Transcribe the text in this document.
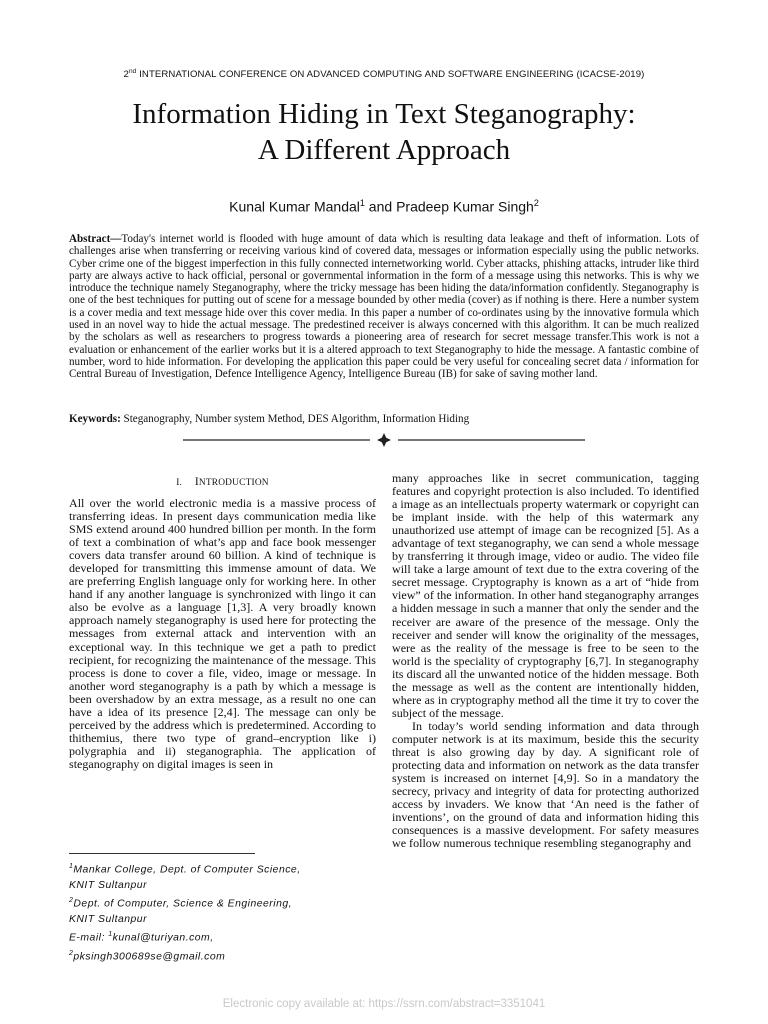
2nd INTERNATIONAL CONFERENCE ON ADVANCED COMPUTING AND SOFTWARE ENGINEERING (ICACSE-2019)
Information Hiding in Text Steganography:
A Different Approach
Kunal Kumar Mandal$^1$ and Pradeep Kumar Singh$^2$
Abstract—Today's internet world is flooded with huge amount of data which is resulting data leakage and theft of information. Lots of challenges arise when transferring or receiving various kind of covered data, messages or information especially using the public networks. Cyber crime one of the biggest imperfection in this fully connected internetworking world. Cyber attacks, phishing attacks, intruder like third party are always active to hack official, personal or governmental information in the form of a message using this networks. This is why we introduce the technique namely Steganography, where the tricky message has been hiding the data/information confidently. Steganography is one of the best techniques for putting out of scene for a message bounded by other media (cover) as if nothing is there. Here a number system is a cover media and text message hide over this cover media. In this paper a number of co-ordinates using by the innovative formula which used in an novel way to hide the actual message. The predestined receiver is always concerned with this algorithm. It can be much realized by the scholars as well as researchers to progress towards a pioneering area of research for secret message transfer.This work is not a evaluation or enhancement of the earlier works but it is a altered approach to text Steganography to hide the message. A fantastic combine of number, word to hide information. For developing the application this paper could be very useful for concealing secret data / information for Central Bureau of Investigation, Defence Intelligence Agency, Intelligence Bureau (IB) for sake of saving mother land.
Keywords: Steganography, Number system Method, DES Algorithm, Information Hiding
I. INTRODUCTION

All over the world electronic media is a massive process of transferring ideas. In present days communication media like SMS extend around 400 hundred billion per month. In the form of text a combination of what’s app and face book messenger covers data transfer around 60 billion. A kind of technique is developed for transmitting this immense amount of data. We are preferring English language only for working here. In other hand if any another language is synchronized with lingo it can also be evolve as a language [1,3]. A very broadly known approach namely steganography is used here for protecting the messages from external attack and intervention with an exceptional way. In this technique we get a path to predict recipient, for recognizing the maintenance of the message. This process is done to cover a file, video, image or message. In another word steganography is a path by which a message is been overshadow by an extra message, as a result no one can have a idea of its presence [2,4]. The message can only be perceived by the address which is predetermined. According to thithemius, there two type of grand–encryption like i) polygraphia and ii) steganographia. The application of steganography on digital images is seen in

many approaches like in secret communication, tagging features and copyright protection is also included. To identified a image as an intellectuals property watermark or copyright can be implant inside. with the help of this watermark any unauthorized use attempt of image can be recognized [5]. As a advantage of text steganography, we can send a whole message by transferring it through image, video or audio. The video file will take a large amount of text due to the extra covering of the secret message. Cryptography is known as a art of “hide from view” of the information. In other hand steganography arranges a hidden message in such a manner that only the sender and the receiver are aware of the presence of the message. Only the receiver and sender will know the originality of the messages, were as the reality of the message is free to be seen to the world is the speciality of cryptography [6,7]. In steganography its discard all the unwanted notice of the hidden message. Both the message as well as the content are intentionally hidden, where as in cryptography method all the time it try to cover the subject of the message.

In today’s world sending information and data through computer network is at its maximum, beside this the security threat is also growing day by day. A significant role of protecting data and information on network as the data transfer system is increased on internet [4,9]. So in a mandatory the secrecy, privacy and integrity of data for protecting authorized access by invaders. We know that ‘An need is the father of inventions’, on the ground of data and information hiding this consequences is a massive development. For safety measures we follow numerous technique resembling steganography and

$^1$Mankar College, Dept. of Computer Science,
KNIT Sultanpur
$^2$Dept. of Computer, Science & Engineering,
KNIT Sultanpur
E-mail: $^1$kunal@turiyan.com,
$^2$pksingh300689se@gmail.com
Electronic copy available at: https://ssrn.com/abstract=3351041
